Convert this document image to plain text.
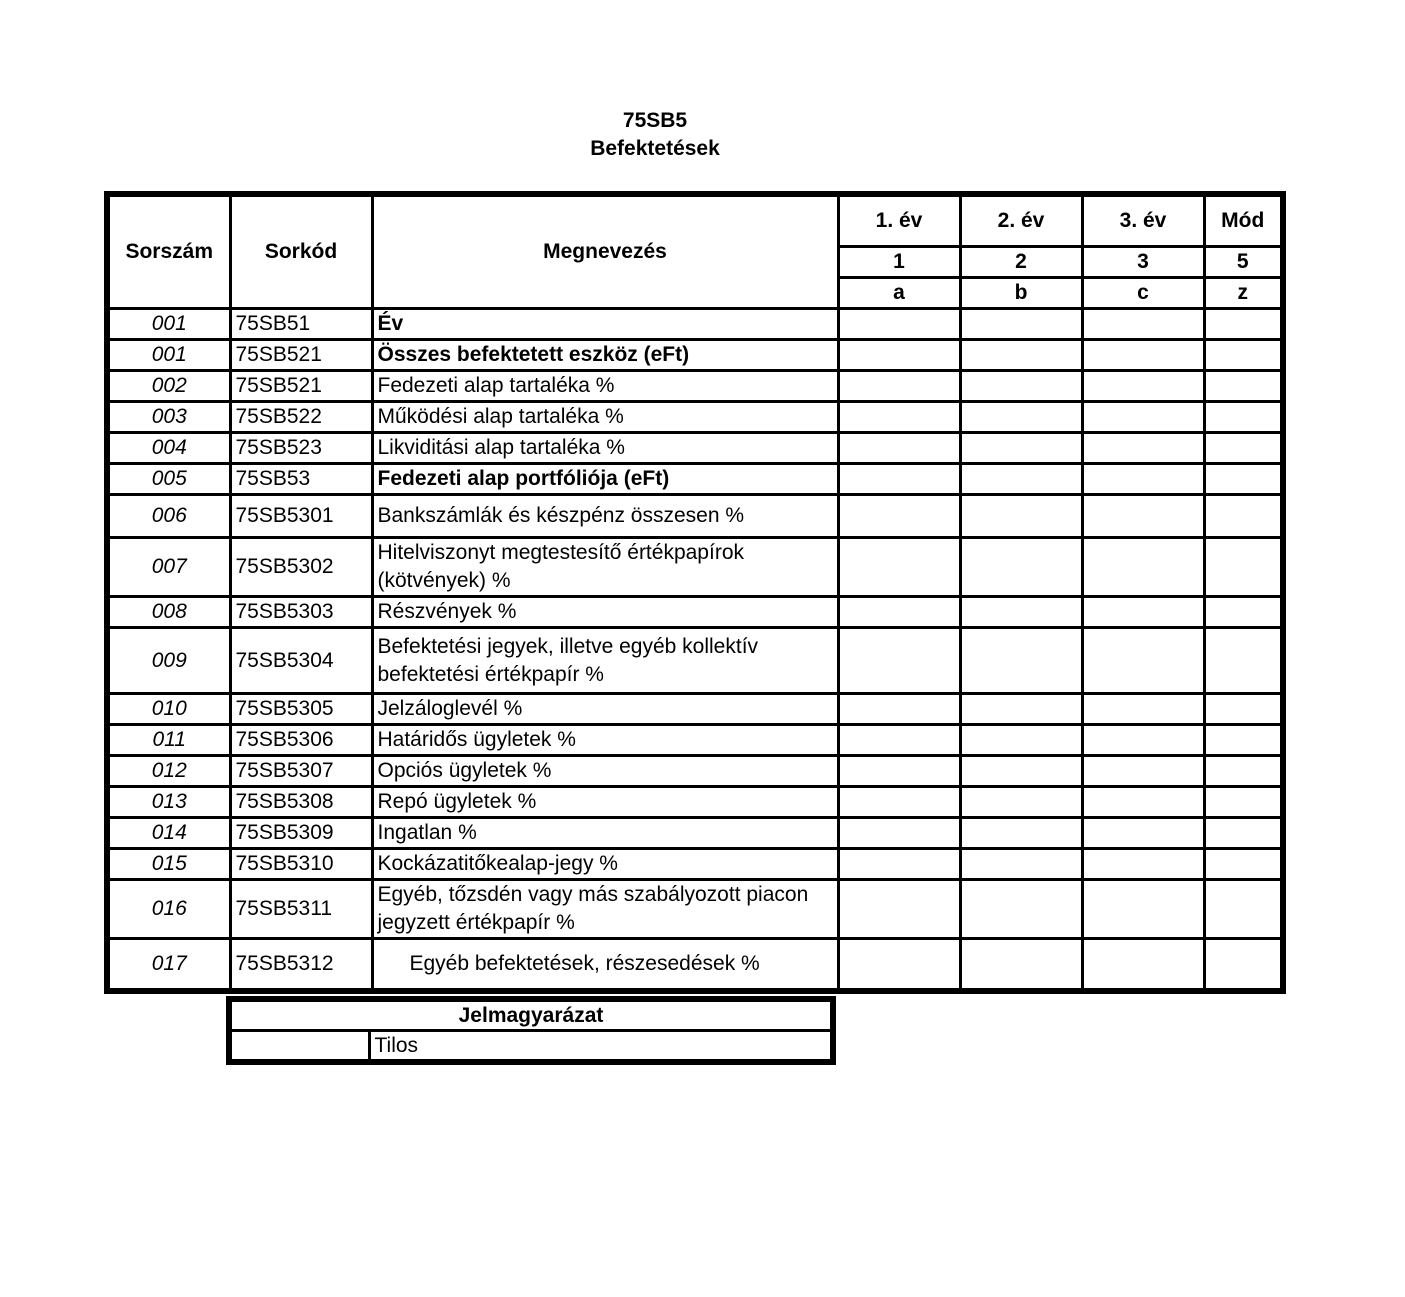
75SB5
Befektetések
Sorszám	Sorkód	Megnevezés	1. év	2. év	3. év	Mód
			1	2	3	5
			a	b	c	z
001	75SB51	Év				
001	75SB521	Összes befektetett eszköz (eFt)				
002	75SB521	Fedezeti alap tartaléka %				
003	75SB522	Működési alap tartaléka %				
004	75SB523	Likviditási alap tartaléka %				
005	75SB53	Fedezeti alap portfóliója (eFt)				
006	75SB5301	Bankszámlák és készpénz összesen %				
007	75SB5302	Hitelviszonyt megtestesítő értékpapírok (kötvények) %				
008	75SB5303	Részvények %				
009	75SB5304	Befektetési jegyek, illetve egyéb kollektív befektetési értékpapír %				
010	75SB5305	Jelzáloglevél %				
011	75SB5306	Határidős ügyletek %				
012	75SB5307	Opciós ügyletek %				
013	75SB5308	Repó ügyletek %				
014	75SB5309	Ingatlan %				
015	75SB5310	Kockázatitőkealap-jegy %				
016	75SB5311	Egyéb, tőzsdén vagy más szabályozott piacon jegyzett értékpapír %				
017	75SB5312	Egyéb befektetések, részesedések %				
Jelmagyarázat
	Tilos
